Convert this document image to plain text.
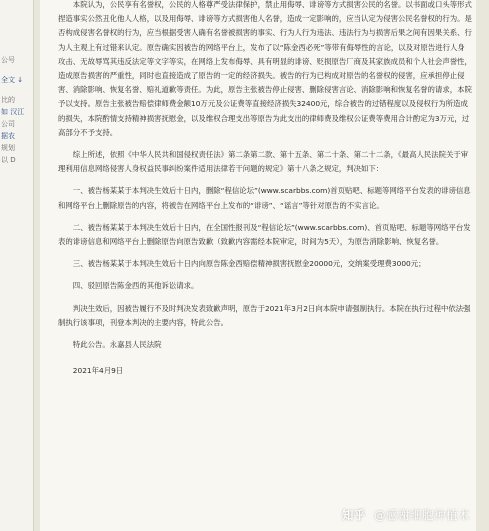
公号
全文 ↓
比的
如 汉江
公司
据农
规划
以 D

本院认为，公民享有名誉权，公民的人格尊严受法律保护，禁止用侮辱、诽谤等方式损害公民的名誉。以书面或口头等形式捏造事实公然丑化他人人格，以及用侮辱、诽谤等方式损害他人名誉，造成一定影响的，应当认定为侵害公民名誉权的行为。是否构成侵害名誉权的行为，应当根据受害人确有名誉被损害的事实、行为人行为违法、违法行为与损害后果之间有因果关系、行为人主观上有过错来认定。原告确实因被告的网络平台上，发布了以“陈金西必死”等带有侮辱性的言论，以及对原告进行人身攻击、无故辱骂其违反法定等文字等实，在网络上发布侮辱、具有明显的诽谤、贬损原告厂商及其家族成员和个人社会声誉性，造成原告损害的严重性，同时也直接造成了原告的一定的经济损失。被告的行为已构成对原告的名誉权的侵害，应承担停止侵害、消除影响、恢复名誉、赔礼道歉等责任。为此，原告主张被告停止侵害、删除侵害言论、消除影响和恢复名誉的请求，本院予以支持。原告主张被告赔偿律师费金额10万元及公证费等直接经济损失32400元，综合被告的过错程度以及侵权行为所造成的损失，本院酌情支持精神损害抚慰金，以及维权合理支出等原告为此支出的律师费及维权公证费等费用合计酌定为3万元，过高部分不予支持。

综上所述，依照《中华人民共和国侵权责任法》第二条第二款、第十五条、第二十条、第二十二条，《最高人民法院关于审理利用信息网络侵害人身权益民事纠纷案件适用法律若干问题的规定》第十八条之规定，判决如下：

一、被告杨某某于本判决生效后十日内，删除“程信论坛”(www.scarbbs.com)首页贴吧、标题等网络平台发表的诽谤信息和网络平台上删除原告的内容，将被告在网络平台上发布的“诽谤”、“谣言”等针对原告的不实言论。

二、被告杨某某于本判决生效后十日内，在全国性报刊及“程信论坛”(www.scarbbs.com)、首页贴吧、标题等网络平台发表的诽谤信息和网络平台上删除原告向原告致歉（致歉内容需经本院审定，时间为5天），为原告消除影响、恢复名誉。

三、被告杨某某于本判决生效后十日内向原告陈金西赔偿精神损害抚慰金20000元，交纳案受理费3000元；

四、驳回原告陈金西的其他诉讼请求。

判决生效后，因被告履行不及时判决发表致歉声明，原告于2021年3月2日向本院申请强制执行。本院在执行过程中依法强制执行该事项，刊登本判决的主要内容，特此公告。

特此公告。永嘉县人民法院

2021年4月9日

知乎 @感谢细胞种植术
